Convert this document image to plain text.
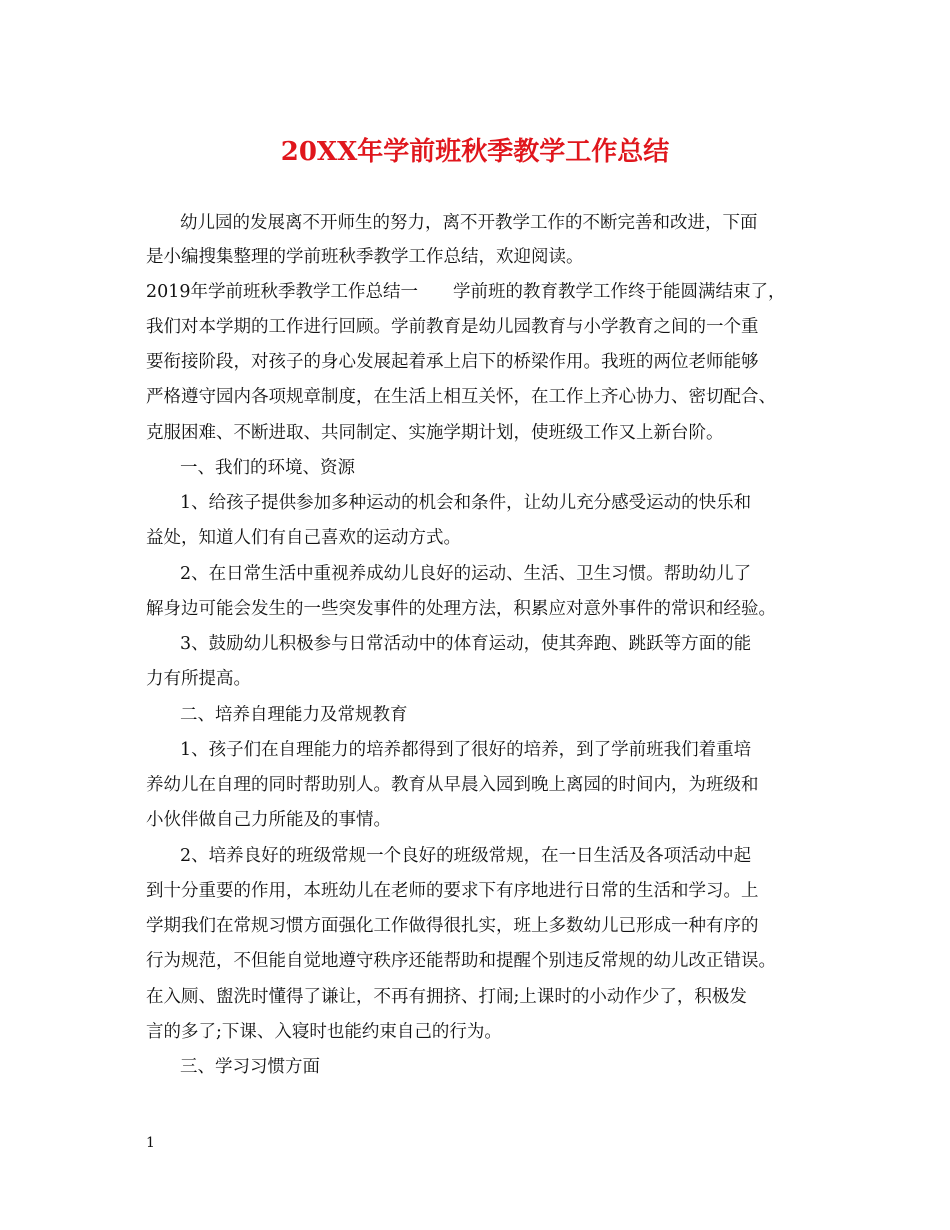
20XX年学前班秋季教学工作总结
幼儿园的发展离不开师生的努力，离不开教学工作的不断完善和改进，下面
是小编搜集整理的学前班秋季教学工作总结，欢迎阅读。
2019年学前班秋季教学工作总结一　　学前班的教育教学工作终于能圆满结束了，
我们对本学期的工作进行回顾。学前教育是幼儿园教育与小学教育之间的一个重
要衔接阶段，对孩子的身心发展起着承上启下的桥梁作用。我班的两位老师能够
严格遵守园内各项规章制度，在生活上相互关怀，在工作上齐心协力、密切配合、
克服困难、不断进取、共同制定、实施学期计划，使班级工作又上新台阶。
一、我们的环境、资源
1、给孩子提供参加多种运动的机会和条件，让幼儿充分感受运动的快乐和
益处，知道人们有自己喜欢的运动方式。
2、在日常生活中重视养成幼儿良好的运动、生活、卫生习惯。帮助幼儿了
解身边可能会发生的一些突发事件的处理方法，积累应对意外事件的常识和经验。
3、鼓励幼儿积极参与日常活动中的体育运动，使其奔跑、跳跃等方面的能
力有所提高。
二、培养自理能力及常规教育
1、孩子们在自理能力的培养都得到了很好的培养，到了学前班我们着重培
养幼儿在自理的同时帮助别人。教育从早晨入园到晚上离园的时间内，为班级和
小伙伴做自己力所能及的事情。
2、培养良好的班级常规一个良好的班级常规，在一日生活及各项活动中起
到十分重要的作用，本班幼儿在老师的要求下有序地进行日常的生活和学习。上
学期我们在常规习惯方面强化工作做得很扎实，班上多数幼儿已形成一种有序的
行为规范，不但能自觉地遵守秩序还能帮助和提醒个别违反常规的幼儿改正错误。
在入厕、盥洗时懂得了谦让，不再有拥挤、打闹;上课时的小动作少了，积极发
言的多了;下课、入寝时也能约束自己的行为。
三、学习习惯方面
1
